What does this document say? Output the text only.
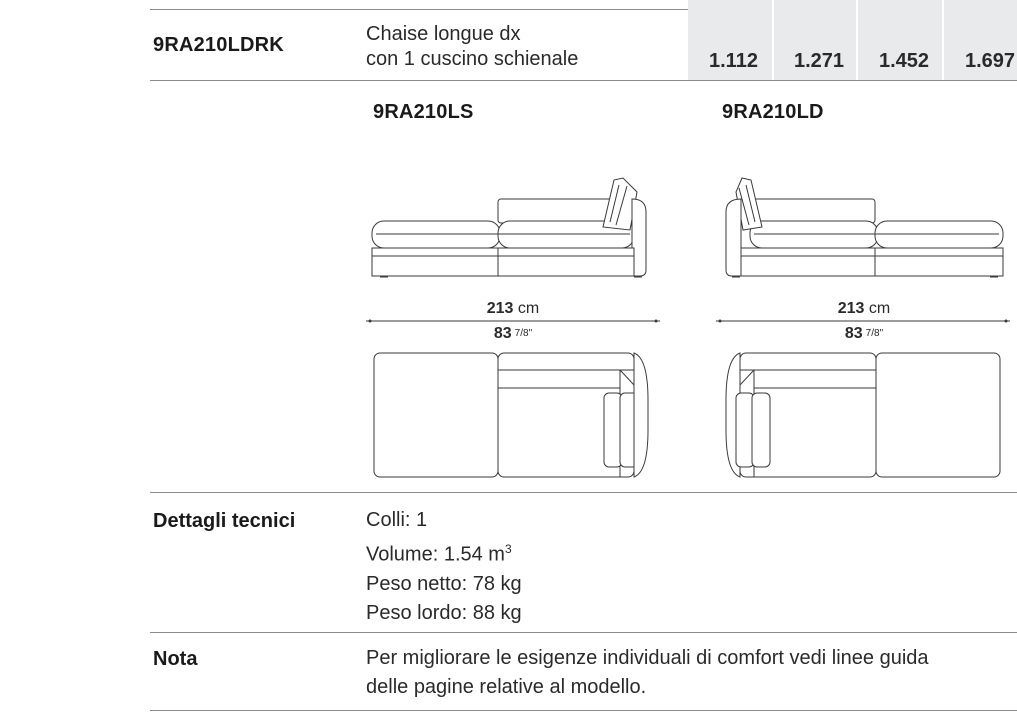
9RA210LDRK	Chaise longue dx
con 1 cuscino schienale	1.112 1.271 1.452 1.697
9RA210LS	9RA210LD
213 cm
83 7/8"
213 cm
83 7/8"
Dettagli tecnici	Colli: 1
Volume: 1.54 $m^3$
Peso netto: 78 kg
Peso lordo: 88 kg
Nota	Per migliorare le esigenze individuali di comfort vedi linee guida
delle pagine relative al modello.
